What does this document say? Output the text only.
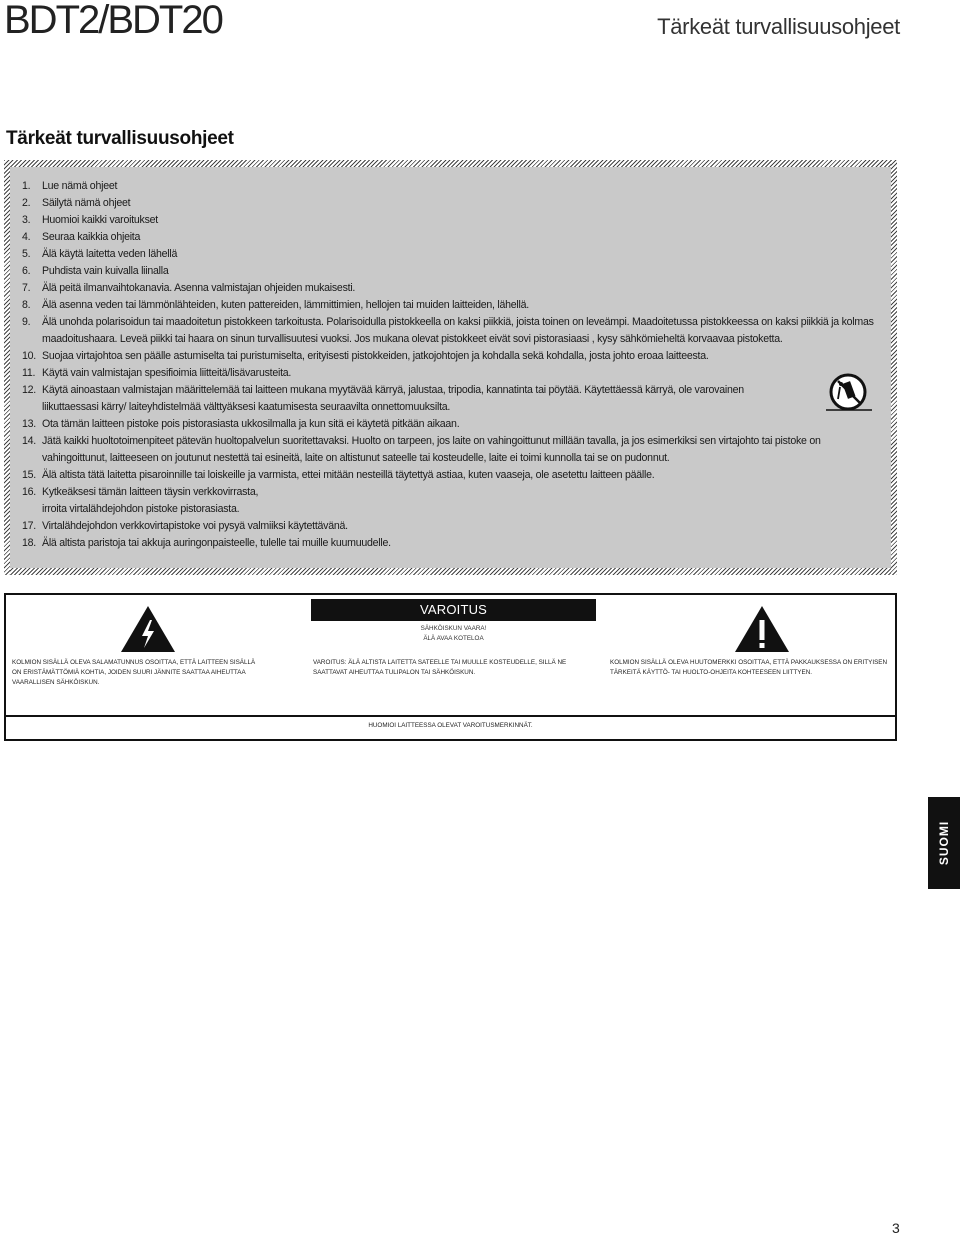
BDT2/BDT20	Tärkeät turvallisuusohjeet
Tärkeät turvallisuusohjeet
1.	Lue nämä ohjeet
2.	Säilytä nämä ohjeet
3.	Huomioi kaikki varoitukset
4.	Seuraa kaikkia ohjeita
5.	Älä käytä laitetta veden lähellä
6.	Puhdista vain kuivalla liinalla
7.	Älä peitä ilmanvaihtokanavia. Asenna valmistajan ohjeiden mukaisesti.
8.	Älä asenna veden tai lämmönlähteiden, kuten pattereiden, lämmittimien, hellojen tai muiden laitteiden, lähellä.
9.	Älä unohda polarisoidun tai maadoitetun pistokkeen tarkoitusta. Polarisoidulla pistokkeella on kaksi piikkiä, joista toinen on leveämpi. Maadoitetussa pistokkeessa on kaksi piikkiä ja kolmas maadoitushaara. Leveä piikki tai haara on sinun turvallisuutesi vuoksi. Jos mukana olevat pistokkeet eivät sovi pistorasiaasi , kysy sähkömieheltä korvaavaa pistoketta.
10. Suojaa virtajohtoa sen päälle astumiselta tai puristumiselta, erityisesti pistokkeiden, jatkojohtojen ja kohdalla sekä kohdalla, josta johto eroaa laitteesta.
11. Käytä vain valmistajan spesifioimia liitteitä/lisävarusteita.
12. Käytä ainoastaan valmistajan määrittelemää tai laitteen mukana myytävää kärryä, jalustaa, tripodia, kannatinta tai pöytää. Käytettäessä kärryä, ole varovainen liikuttaessasi kärry/ laiteyhdistelmää välttyäksesi kaatumisesta seuraavilta onnettomuuksilta.
13. Ota tämän laitteen pistoke pois pistorasiasta ukkosilmalla ja kun sitä ei käytetä pitkään aikaan.
14. Jätä kaikki huoltotoimenpiteet pätevän huoltopalvelun suoritettavaksi. Huolto on tarpeen, jos laite on vahingoittunut millään tavalla, ja jos esimerkiksi sen virtajohto tai pistoke on vahingoittunut, laitteeseen on joutunut nestettä tai esineitä, laite on altistunut sateelle tai kosteudelle, laite ei toimi kunnolla tai se on pudonnut.
15. Älä altista tätä laitetta pisaroinnille tai loiskeille ja varmista, ettei mitään nesteillä täytettyä astiaa, kuten vaaseja, ole asetettu laitteen päälle.
16. Kytkeäksesi tämän laitteen täysin verkkovirrasta, irroita virtalähdejohdon pistoke pistorasiasta.
17. Virtalähdejohdon verkkovirtapistoke voi pysyä valmiiksi käytettävänä.
18. Älä altista paristoja tai akkuja auringonpaisteelle, tulelle tai muille kuumuudelle.
VAROITUS
SÄHKÖISKUN VAARA!
ÄLÄ AVAA KOTELOA
KOLMION SISÄLLÄ OLEVA SALAMATUNNUS OSOITTAA, ETTÄ LAITTEEN SISÄLLÄ ON ERISTÄMÄTTÖMIÄ KOHTIA, JOIDEN SUURI JÄNNITE SAATTAA AIHEUTTAA VAARALLISEN SÄHKÖISKUN.
VAROITUS: ÄLÄ ALTISTA LAITETTA SATEELLE TAI MUULLE KOSTEUDELLE, SILLÄ NE SAATTAVAT AIHEUTTAA TULIPALON TAI SÄHKÖISKUN.
KOLMION SISÄLLÄ OLEVA HUUTOMERKKI OSOITTAA, ETTÄ PAKKAUKSESSA ON ERITYISEN TÄRKEITÄ KÄYTTÖ- TAI HUOLTO-OHJEITA KOHTEESEEN LIITTYEN.
HUOMIOI LAITTEESSA OLEVAT VAROITUSMERKINNÄT.
SUOMI
3
